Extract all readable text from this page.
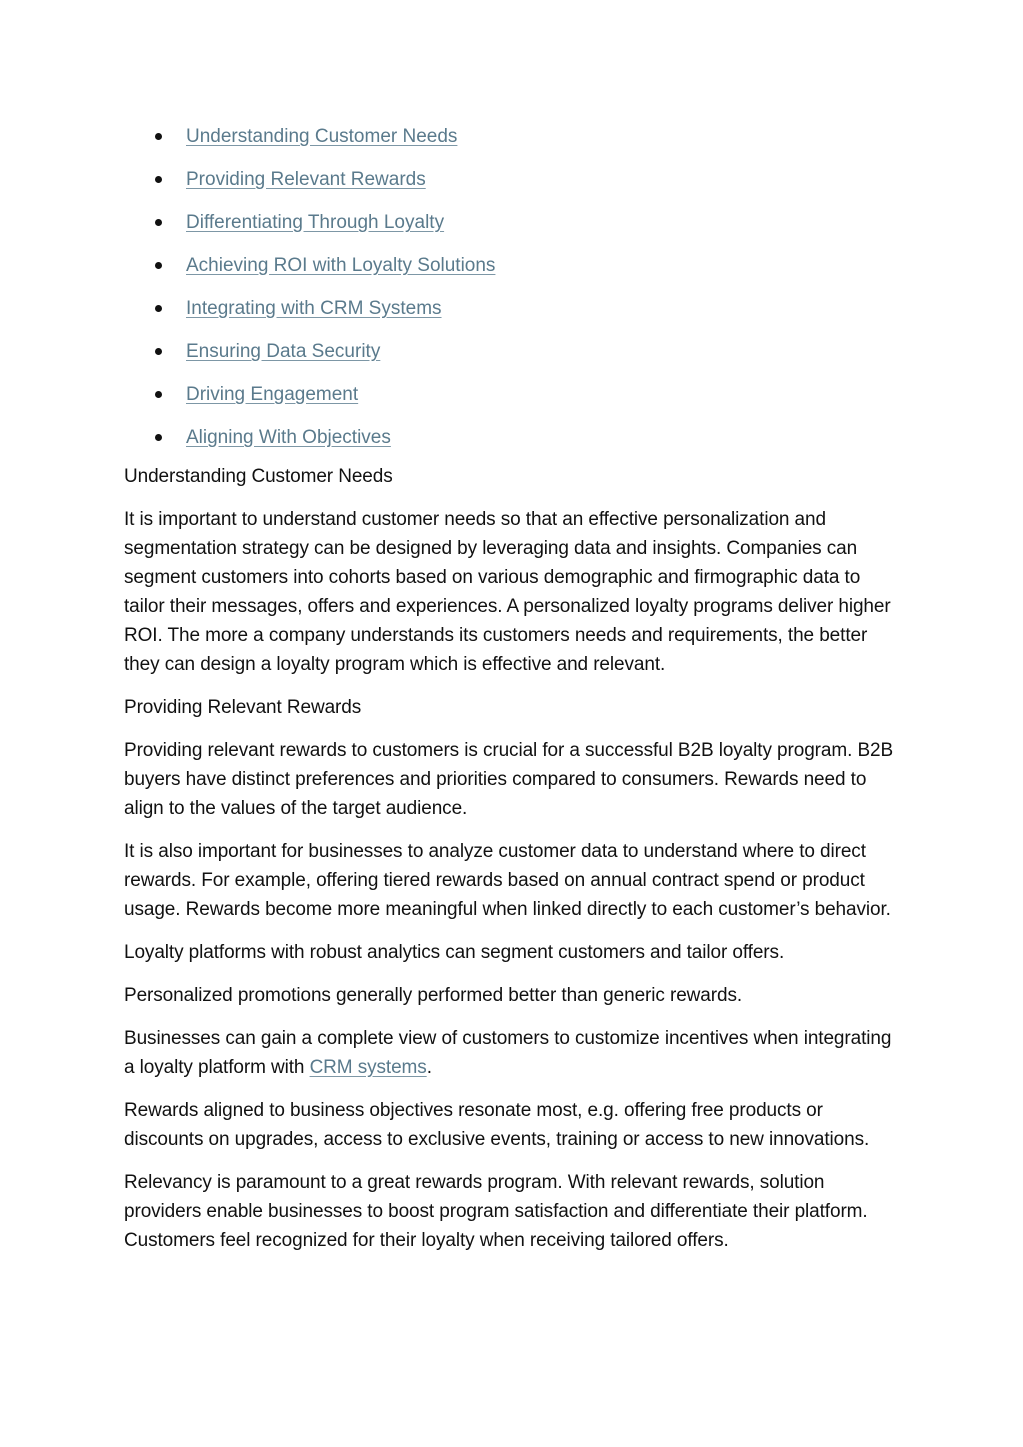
Understanding Customer Needs
Providing Relevant Rewards
Differentiating Through Loyalty
Achieving ROI with Loyalty Solutions
Integrating with CRM Systems
Ensuring Data Security
Driving Engagement
Aligning With Objectives

Understanding Customer Needs

It is important to understand customer needs so that an effective personalization and segmentation strategy can be designed by leveraging data and insights. Companies can segment customers into cohorts based on various demographic and firmographic data to tailor their messages, offers and experiences. A personalized loyalty programs deliver higher ROI. The more a company understands its customers needs and requirements, the better they can design a loyalty program which is effective and relevant.

Providing Relevant Rewards

Providing relevant rewards to customers is crucial for a successful B2B loyalty program. B2B buyers have distinct preferences and priorities compared to consumers. Rewards need to align to the values of the target audience.

It is also important for businesses to analyze customer data to understand where to direct rewards. For example, offering tiered rewards based on annual contract spend or product usage. Rewards become more meaningful when linked directly to each customer’s behavior.

Loyalty platforms with robust analytics can segment customers and tailor offers.

Personalized promotions generally performed better than generic rewards.

Businesses can gain a complete view of customers to customize incentives when integrating a loyalty platform with CRM systems.

Rewards aligned to business objectives resonate most, e.g. offering free products or discounts on upgrades, access to exclusive events, training or access to new innovations.

Relevancy is paramount to a great rewards program. With relevant rewards, solution providers enable businesses to boost program satisfaction and differentiate their platform. Customers feel recognized for their loyalty when receiving tailored offers.
